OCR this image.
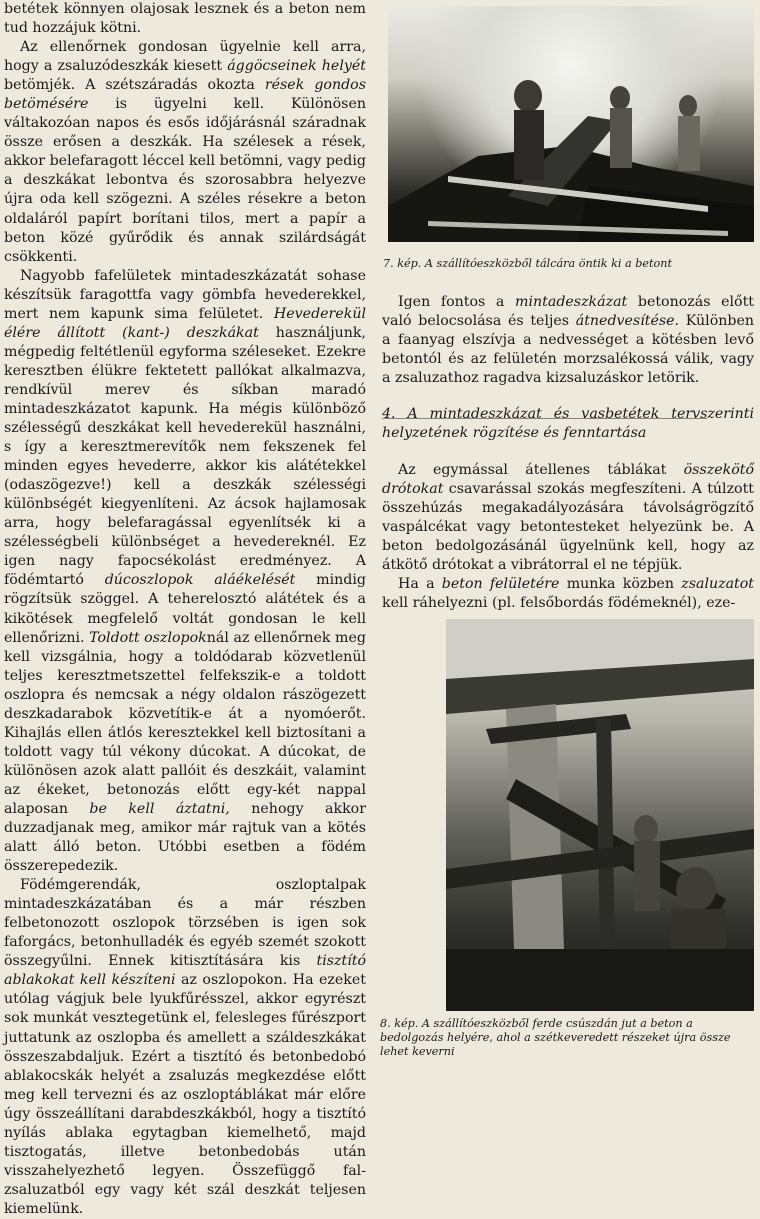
betétek könnyen olajosak lesznek és a beton nem tud hozzájuk kötni.

Az ellenőrnek gondosan ügyelnie kell arra, hogy a zsaluzódeszkák kiesett ággöcseinek helyét betömjék. A szétszáradás okozta rések gondos betömésére is ügyelni kell. Különösen váltakozóan napos és esős időjárásnál száradnak össze erősen a deszkák. Ha szélesek a rések, akkor belefaragott léccel kell betömni, vagy pedig a deszkákat lebontva és szorosabbra helyezve újra oda kell szögezni. A széles résekre a beton oldaláról papírt borítani tilos, mert a papír a beton közé gyűrődik és annak szilárdságát csökkenti.

Nagyobb fafelületek mintadeszkázatát sohase készítsük faragottfa vagy gömbfa hevederekkel, mert nem kapunk sima felületet. Hevederekül élére állított (kant-) deszkákat használjunk, mégpedig feltétlenül egyforma széleseket. Ezekre keresztben élükre fektetett pallókat alkalmazva, rendkívül merev és síkban maradó mintadeszkázatot kapunk. Ha mégis különböző szélességű deszkákat kell hevederekül használni, s így a keresztmerevítők nem fekszenek fel minden egyes hevederre, akkor kis alátétekkel (odaszögezve!) kell a deszkák szélességi különbségét kiegyenlíteni. Az ácsok hajlamosak arra, hogy belefaragással egyenlítsék ki a szélességbeli különbséget a hevedereknél. Ez igen nagy fapocsékolást eredményez. A födémtartó dúcoszlopok aláékelését mindig rögzítsük szöggel. A teherelosztó alátétek és a kikötések megfelelő voltát gondosan le kell ellenőrizni. Toldott oszlopoknál az ellenőrnek meg kell vizsgálnia, hogy a toldódarab közvetlenül teljes keresztmetszettel felfekszik-e a toldott oszlopra és nemcsak a négy oldalon rászögezett deszkadarabok közvetítik-e át a nyomóerőt. Kihajlás ellen átlós keresztekkel kell biztosítani a toldott vagy túl vékony dúcokat. A dúcokat, de különösen azok alatt pallóit és deszkáit, valamint az ékeket, betonozás előtt egy-két nappal alaposan be kell áztatni, nehogy akkor duzzadjanak meg, amikor már rajtuk van a kötés alatt álló beton. Utóbbi esetben a födém összerepedezik.

Födémgerendák, oszloptalpak mintadeszkázatában és a már részben felbetonozott oszlopok törzsében is igen sok faforgács, betonhulladék és egyéb szemét szokott összegyűlni. Ennek kitisztítására kis tisztító ablakokat kell készíteni az oszlopokon. Ha ezeket utólag vágjuk bele lyukfűrésszel, akkor egyrészt sok munkát vesztegetünk el, felesleges fűrészport juttatunk az oszlopba és amellett a száldeszkákat összeszabdaljuk. Ezért a tisztító és betonbedobó ablakocskák helyét a zsaluzás megkezdése előtt meg kell tervezni és az oszloptáblákat már előre úgy összeállítani darabdeszkákból, hogy a tisztító nyílás ablaka egytagban kiemelhető, majd tisztogatás, illetve betonbedobás után visszahelyezhető legyen. Összefüggő fal-zsaluzatból egy vagy két szál deszkát teljesen kiemelünk.

7. kép. A szállítóeszközből tálcára öntik ki a betont

Igen fontos a mintadeszkázat betonozás előtt való belocsolása és teljes átnedvesítése. Különben a faanyag elszívja a nedvességet a kötésben levő betontól és az felületén morzsalékossá válik, vagy a zsaluzathoz ragadva kizsaluzáskor letörik.

4. A mintadeszkázat és vasbetétek tervszerinti helyzetének rögzítése és fenntartása

Az egymással átellenes táblákat összekötő drótokat csavarással szokás megfeszíteni. A túlzott összehúzás megakadályozására távolságrögzítő vaspálcékat vagy betontesteket helyezünk be. A beton bedolgozásánál ügyelnünk kell, hogy az átkötő drótokat a vibrátorral el ne tépjük.

Ha a beton felületére munka közben zsaluzatot kell ráhelyezni (pl. felsőbordás födémeknél), eze-

8. kép. A szállítóeszközből ferde csúszdán jut a beton a bedolgozás helyére, ahol a szétkeveredett részeket újra össze lehet keverni
